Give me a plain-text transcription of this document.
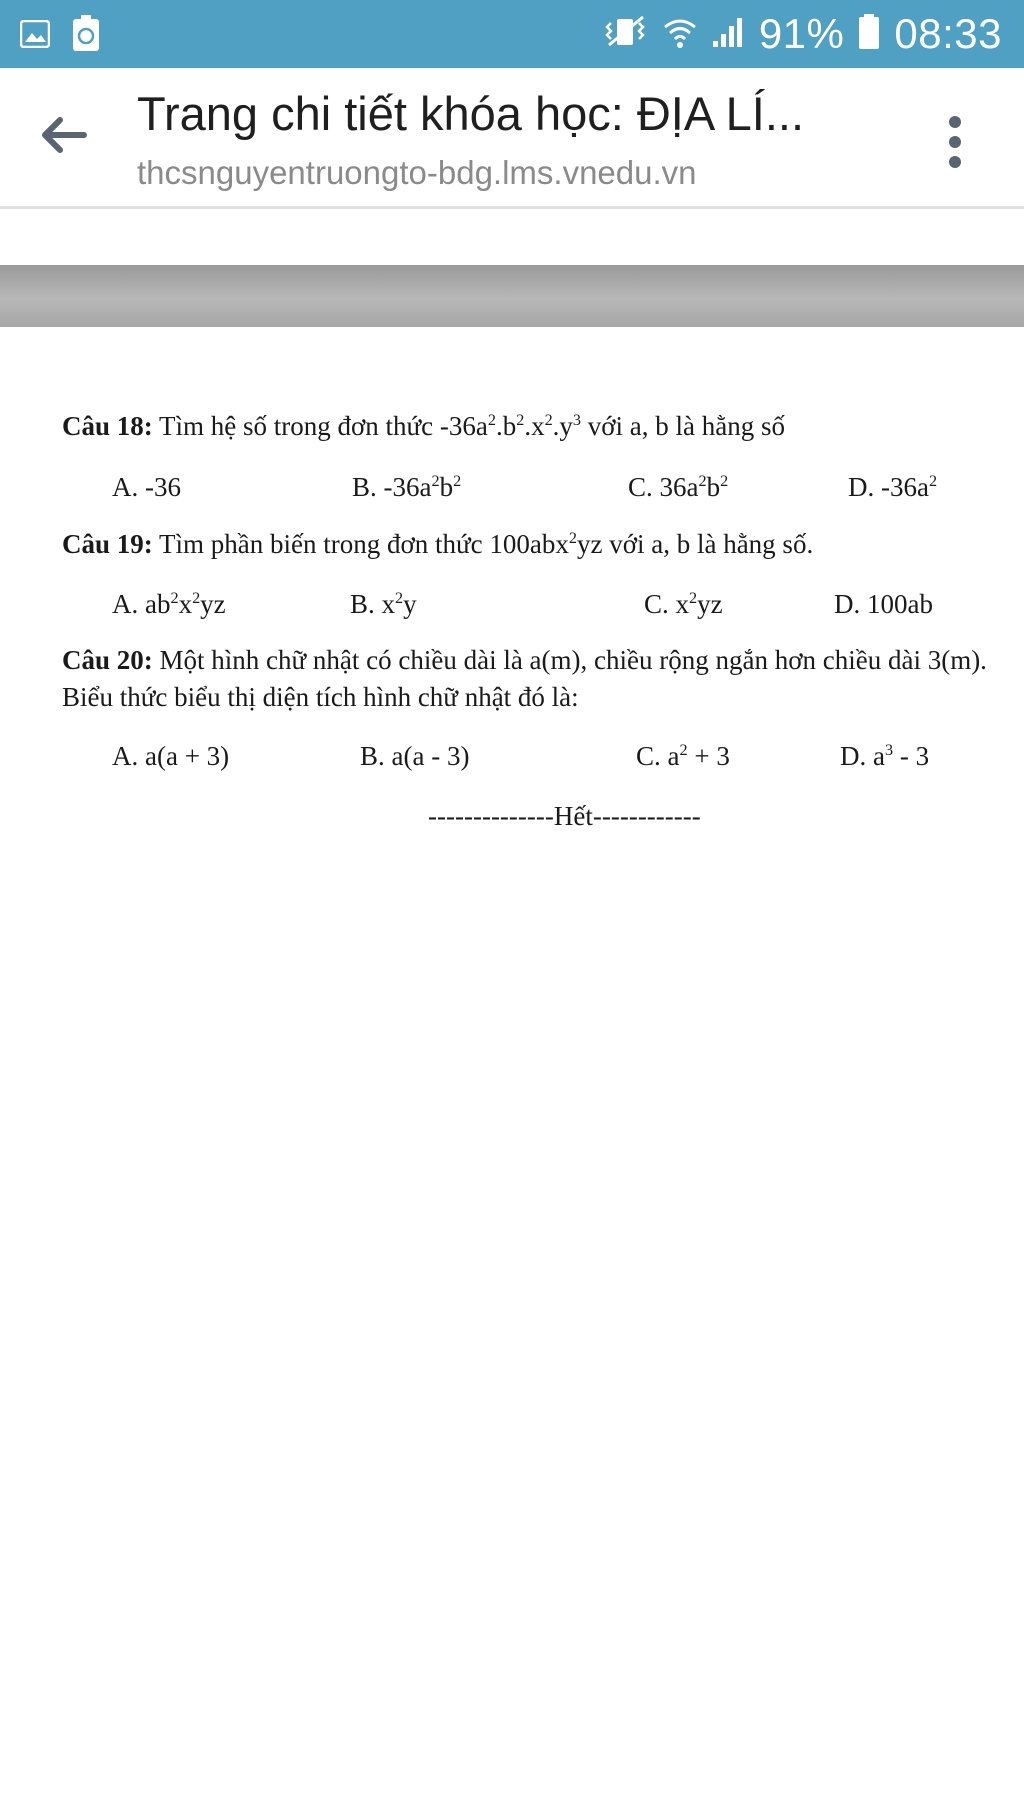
91% 08:33
Trang chi tiết khóa học: ĐỊA LÍ...
thcsnguyentruongto-bdg.lms.vnedu.vn
Câu 18: Tìm hệ số trong đơn thức $-36a^2.b^2.x^2.y^3$ với a, b là hằng số
A. -36	B. $-36a^2b^2$	C. $36a^2b^2$	D. $-36a^2$
Câu 19: Tìm phần biến trong đơn thức 100abx$^2$yz với a, b là hằng số.
A. $ab^2x^2yz$	B. $x^2y$	C. $x^2yz$	D. 100ab
Câu 20: Một hình chữ nhật có chiều dài là a(m), chiều rộng ngắn hơn chiều dài 3(m).
Biểu thức biểu thị diện tích hình chữ nhật đó là:
A. a(a + 3)	B. a(a - 3)	C. $a^2 + 3$	D. $a^3 - 3$
--------------Hết------------
